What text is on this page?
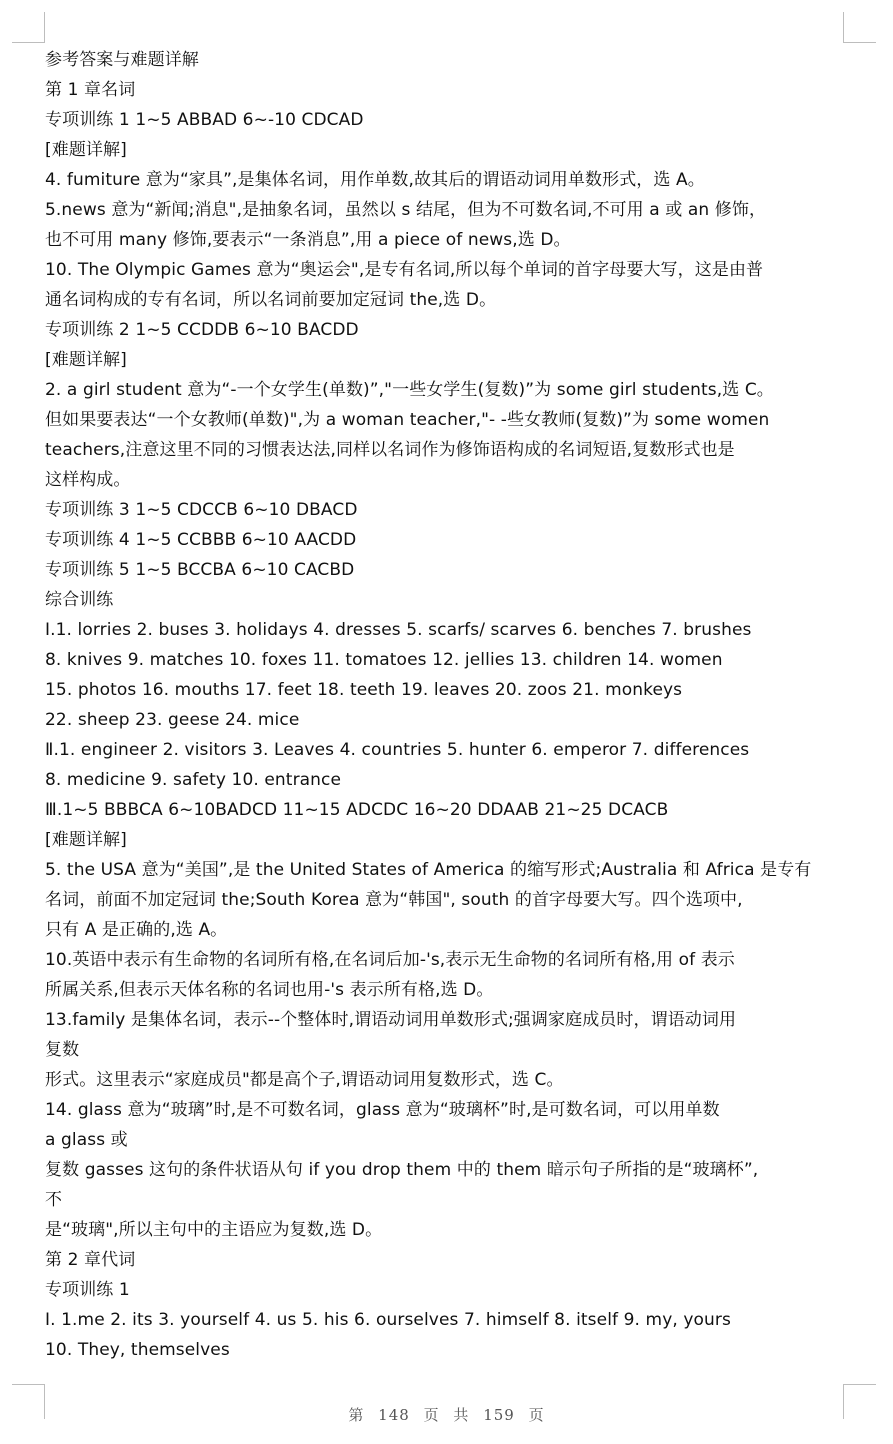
参考答案与难题详解
第 1 章名词
专项训练 1 1~5 ABBAD 6~-10 CDCAD
[难题详解]
4. fumiture 意为“家具”,是集体名词，用作单数,故其后的谓语动词用单数形式，选 A。
5.news 意为“新闻;消息",是抽象名词，虽然以 s 结尾，但为不可数名词,不可用 a 或 an 修饰，
也不可用 many 修饰,要表示“一条消息”,用 a piece of news,选 D。
10. The Olympic Games 意为“奥运会",是专有名词,所以每个单词的首字母要大写，这是由普
通名词构成的专有名词，所以名词前要加定冠词 the,选 D。
专项训练 2 1~5 CCDDB 6~10 BACDD
[难题详解]
2. a girl student 意为“-一个女学生(单数)”,"一些女学生(复数)”为 some girl students,选 C。
但如果要表达“一个女教师(单数)",为 a woman teacher,"- -些女教师(复数)”为 some women
teachers,注意这里不同的习惯表达法,同样以名词作为修饰语构成的名词短语,复数形式也是
这样构成。
专项训练 3 1~5 CDCCB 6~10 DBACD
专项训练 4 1~5 CCBBB 6~10 AACDD
专项训练 5 1~5 BCCBA 6~10 CACBD
综合训练
Ⅰ.1. lorries 2. buses 3. holidays 4. dresses 5. scarfs/ scarves 6. benches 7. brushes
8. knives 9. matches 10. foxes 11. tomatoes 12. jellies 13. children 14. women
15. photos 16. mouths 17. feet 18. teeth 19. leaves 20. zoos 21. monkeys
22. sheep 23. geese 24. mice
Ⅱ.1. engineer 2. visitors 3. Leaves 4. countries 5. hunter 6. emperor 7. differences
8. medicine 9. safety 10. entrance
Ⅲ.1~5 BBBCA 6~10BADCD 11~15 ADCDC 16~20 DDAAB 21~25 DCACB
[难题详解]
5. the USA 意为“美国”,是 the United States of America 的缩写形式;Australia 和 Africa 是专有
名词，前面不加定冠词 the;South Korea 意为“韩国", south 的首字母要大写。四个选项中,
只有 A 是正确的,选 A。
10.英语中表示有生命物的名词所有格,在名词后加-'s,表示无生命物的名词所有格,用 of 表示
所属关系,但表示天体名称的名词也用-'s 表示所有格,选 D。
13.family 是集体名词，表示--个整体时,谓语动词用单数形式;强调家庭成员时，谓语动词用
复数
形式。这里表示“家庭成员"都是高个子,谓语动词用复数形式，选 C。
14. glass 意为“玻璃”时,是不可数名词，glass 意为“玻璃杯”时,是可数名词，可以用单数
a glass 或
复数 gasses 这句的条件状语从句 if you drop them 中的 them 暗示句子所指的是“玻璃杯”,
不
是“玻璃",所以主句中的主语应为复数,选 D。
第 2 章代词
专项训练 1
Ⅰ. 1.me 2. its 3. yourself 4. us 5. his 6. ourselves 7. himself 8. itself 9. my, yours
10. They, themselves
第 148 页 共 159 页
